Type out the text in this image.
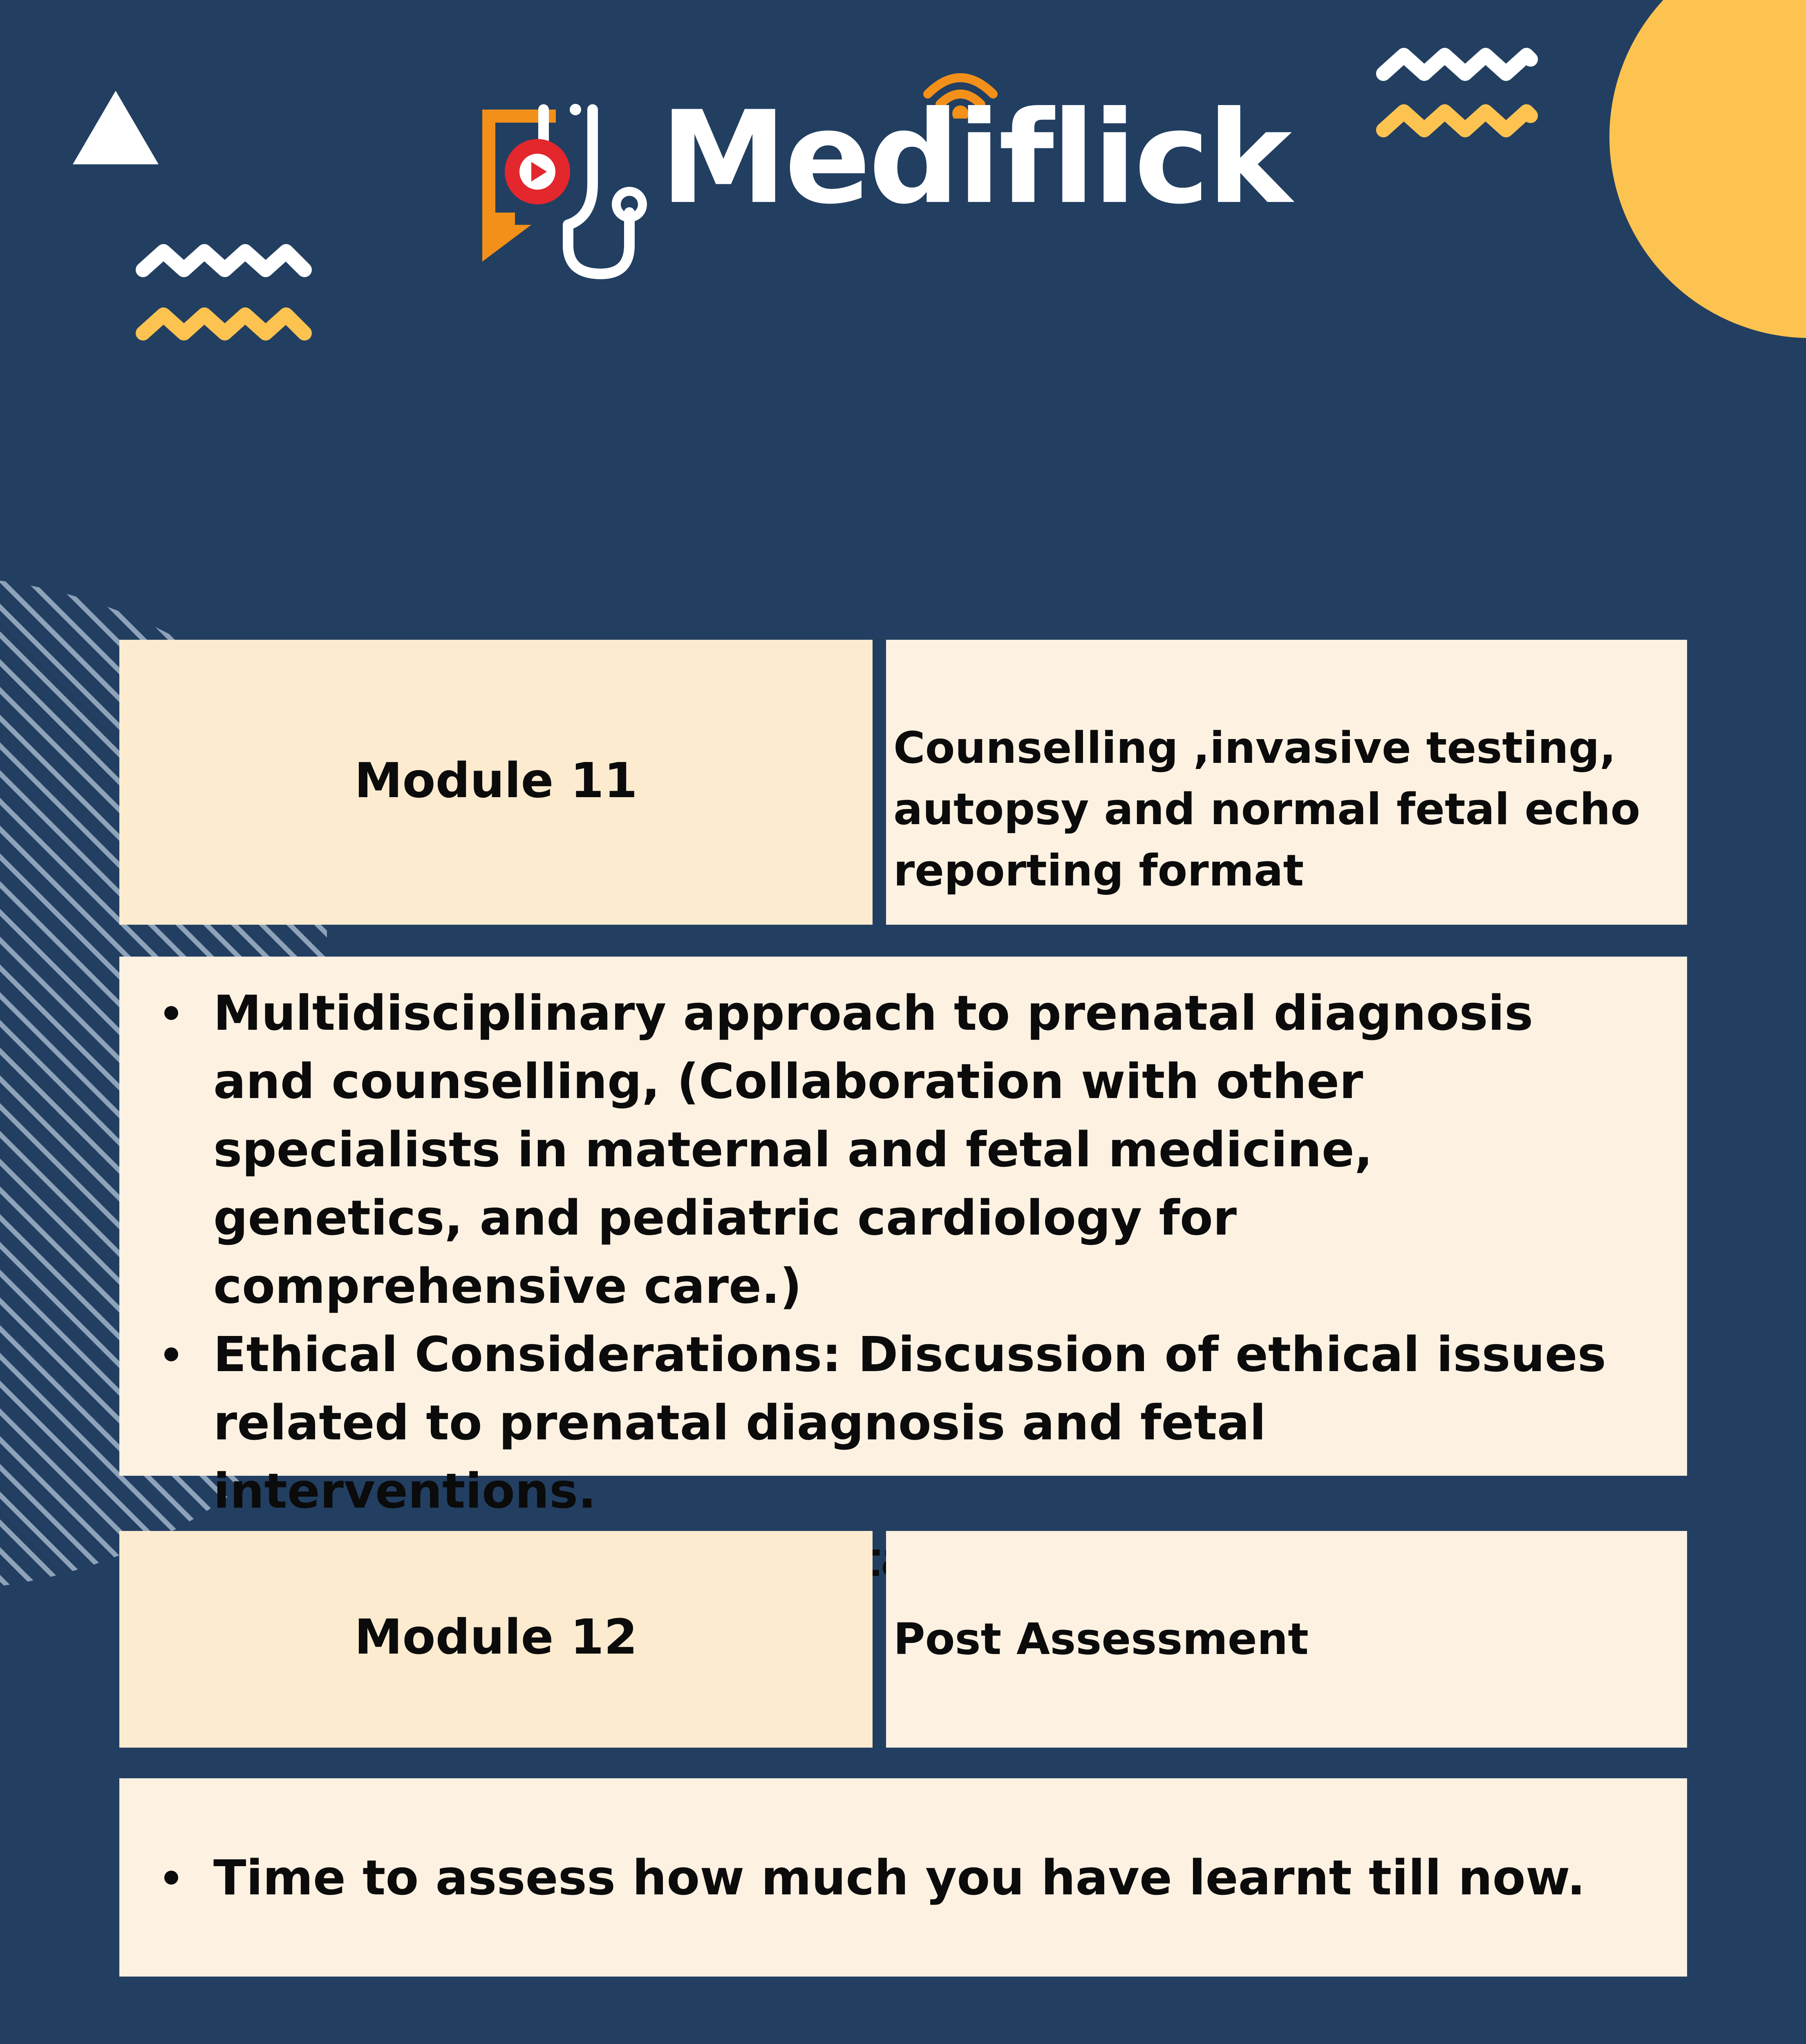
Mediflick
Module 11
Counselling ,invasive testing,
autopsy and normal fetal echo
reporting format
Multidisciplinary approach to prenatal diagnosis and counselling, (Collaboration with other specialists in maternal and fetal medicine, genetics, and pediatric cardiology for comprehensive care.)
Ethical Considerations: Discussion of ethical issues related to prenatal diagnosis and fetal interventions.
Module 12	Post Assessment
Time to assess how much you have learnt till now.
